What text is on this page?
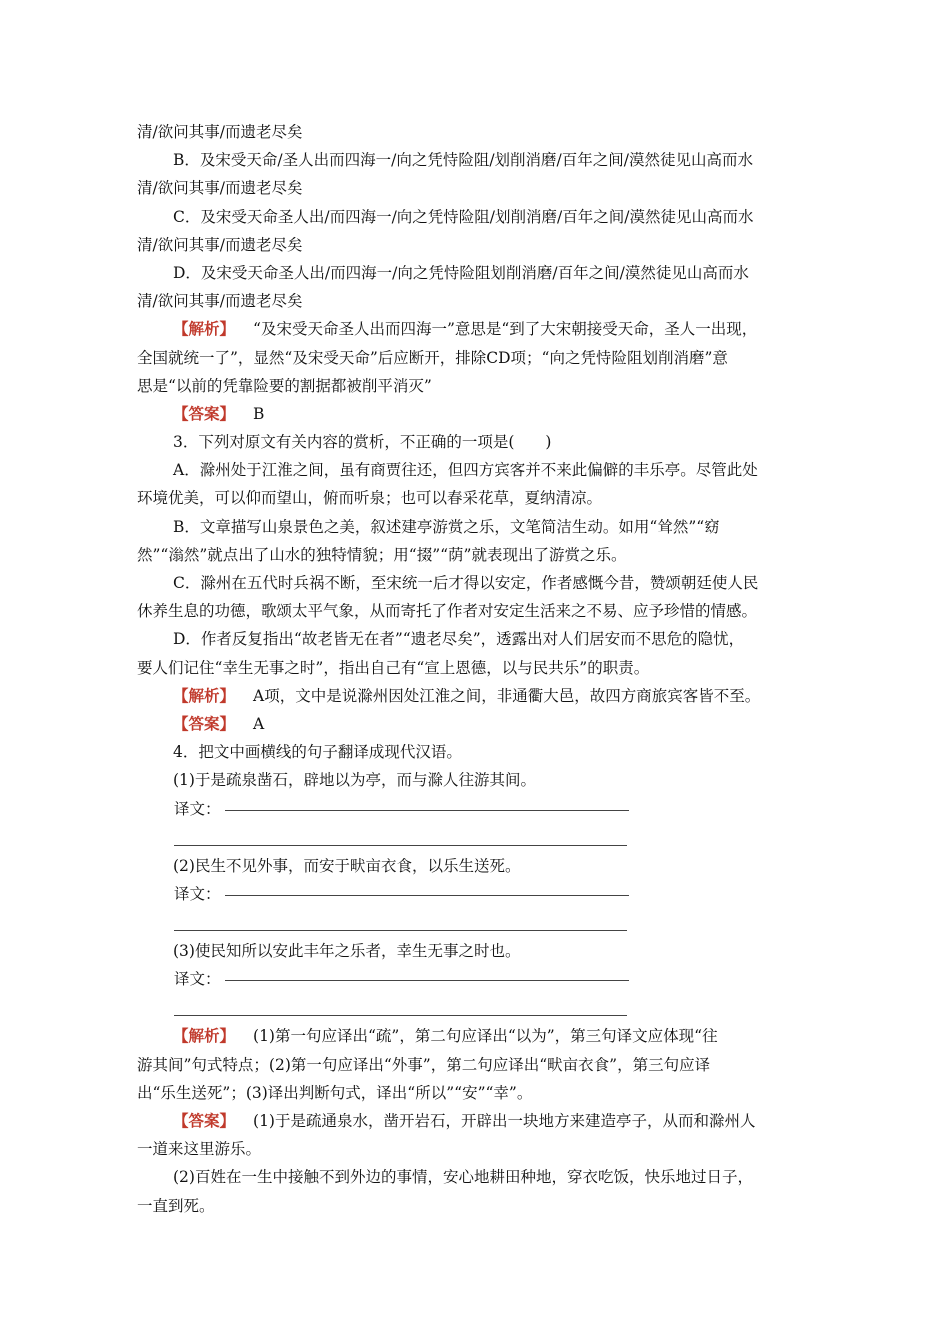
清/欲问其事/而遗老尽矣
B．及宋受天命/圣人出而四海一/向之凭恃险阻/划削消磨/百年之间/漠然徒见山高而水
清/欲问其事/而遗老尽矣
C．及宋受天命圣人出/而四海一/向之凭恃险阻/划削消磨/百年之间/漠然徒见山高而水
清/欲问其事/而遗老尽矣
D．及宋受天命圣人出/而四海一/向之凭恃险阻划削消磨/百年之间/漠然徒见山高而水
清/欲问其事/而遗老尽矣
【解析】 “及宋受天命圣人出而四海一”意思是“到了大宋朝接受天命，圣人一出现，
全国就统一了”，显然“及宋受天命”后应断开，排除CD项；“向之凭恃险阻划削消磨”意
思是“以前的凭靠险要的割据都被削平消灭”
【答案】 B
3．下列对原文有关内容的赏析，不正确的一项是(　　)
A．滁州处于江淮之间，虽有商贾往还，但四方宾客并不来此偏僻的丰乐亭。尽管此处
环境优美，可以仰而望山，俯而听泉；也可以春采花草，夏纳清凉。
B．文章描写山泉景色之美，叙述建亭游赏之乐，文笔简洁生动。如用“耸然”“窈
然”“滃然”就点出了山水的独特情貌；用“掇”“荫”就表现出了游赏之乐。
C．滁州在五代时兵祸不断，至宋统一后才得以安定，作者感慨今昔，赞颂朝廷使人民
休养生息的功德，歌颂太平气象，从而寄托了作者对安定生活来之不易、应予珍惜的情感。
D．作者反复指出“故老皆无在者”“遗老尽矣”，透露出对人们居安而不思危的隐忧，
要人们记住“幸生无事之时”，指出自己有“宣上恩德，以与民共乐”的职责。
【解析】 A项，文中是说滁州因处江淮之间，非通衢大邑，故四方商旅宾客皆不至。
【答案】 A
4．把文中画横线的句子翻译成现代汉语。
(1)于是疏泉凿石，辟地以为亭，而与滁人往游其间。
译文：
(2)民生不见外事，而安于畎亩衣食，以乐生送死。
译文：
(3)使民知所以安此丰年之乐者，幸生无事之时也。
译文：
【解析】 (1)第一句应译出“疏”，第二句应译出“以为”，第三句译文应体现“往
游其间”句式特点；(2)第一句应译出“外事”，第二句应译出“畎亩衣食”，第三句应译
出“乐生送死”；(3)译出判断句式，译出“所以”“安”“幸”。
【答案】 (1)于是疏通泉水，凿开岩石，开辟出一块地方来建造亭子，从而和滁州人
一道来这里游乐。
(2)百姓在一生中接触不到外边的事情，安心地耕田种地，穿衣吃饭，快乐地过日子，
一直到死。
